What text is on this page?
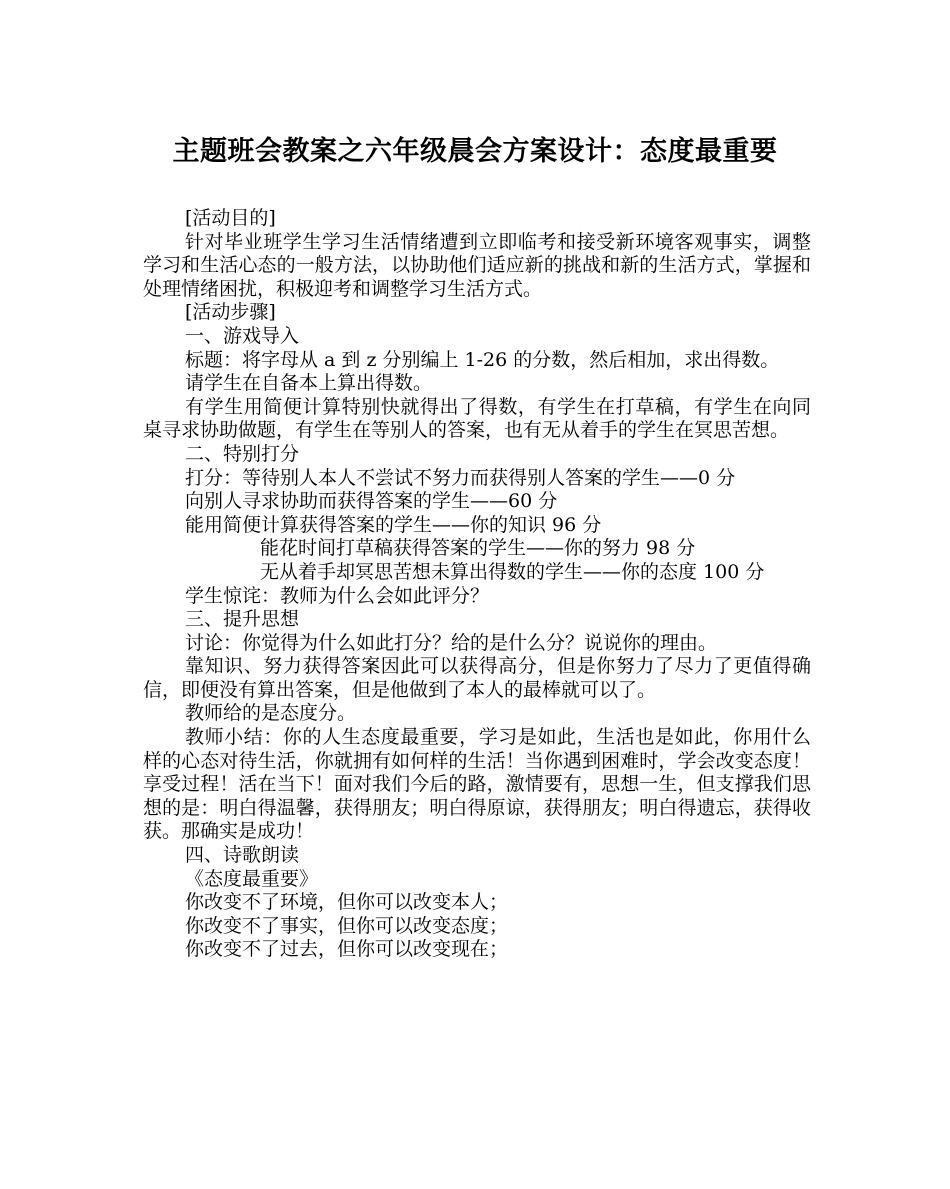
主题班会教案之六年级晨会方案设计：态度最重要

[活动目的]

针对毕业班学生学习生活情绪遭到立即临考和接受新环境客观事实，调整学习和生活心态的一般方法，以协助他们适应新的挑战和新的生活方式，掌握和处理情绪困扰，积极迎考和调整学习生活方式。

[活动步骤]

一、游戏导入

标题：将字母从 a 到 z 分别编上 1-26 的分数，然后相加，求出得数。

请学生在自备本上算出得数。

有学生用简便计算特别快就得出了得数，有学生在打草稿，有学生在向同桌寻求协助做题，有学生在等别人的答案，也有无从着手的学生在冥思苦想。

二、特别打分

打分：等待别人本人不尝试不努力而获得别人答案的学生——0 分

向别人寻求协助而获得答案的学生——60 分

能用简便计算获得答案的学生——你的知识 96 分

能花时间打草稿获得答案的学生——你的努力 98 分

无从着手却冥思苦想未算出得数的学生——你的态度 100 分

学生惊诧：教师为什么会如此评分？

三、提升思想

讨论：你觉得为什么如此打分？给的是什么分？说说你的理由。

靠知识、努力获得答案因此可以获得高分，但是你努力了尽力了更值得确信，即便没有算出答案，但是他做到了本人的最棒就可以了。

教师给的是态度分。

教师小结：你的人生态度最重要，学习是如此，生活也是如此，你用什么样的心态对待生活，你就拥有如何样的生活！当你遇到困难时，学会改变态度！享受过程！活在当下！面对我们今后的路，激情要有，思想一生，但支撑我们思想的是：明白得温馨，获得朋友；明白得原谅，获得朋友；明白得遗忘，获得收获。那确实是成功！

四、诗歌朗读

《态度最重要》

你改变不了环境，但你可以改变本人；

你改变不了事实，但你可以改变态度；

你改变不了过去，但你可以改变现在；
